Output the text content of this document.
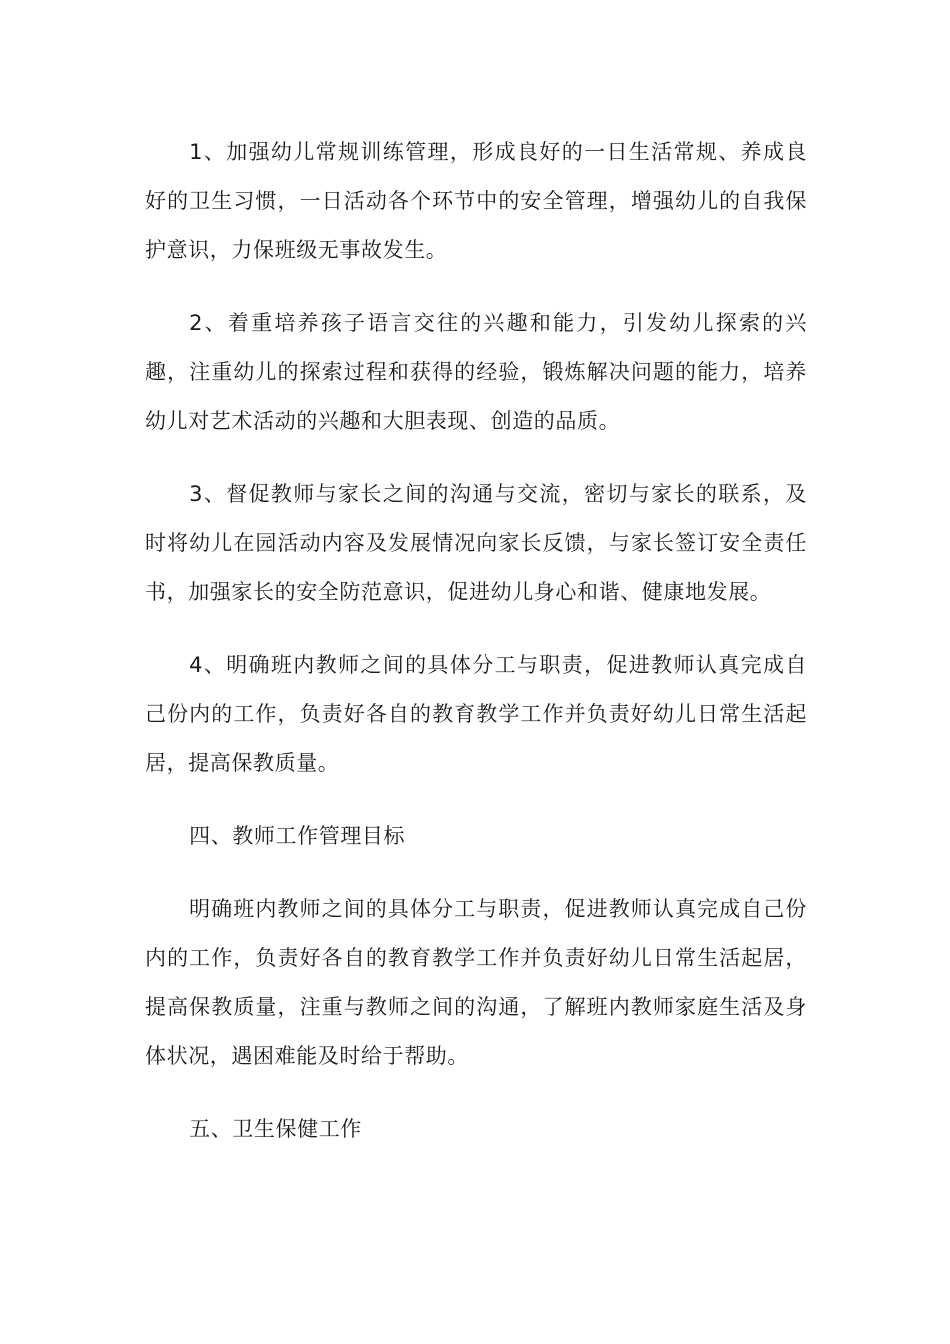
1、加强幼儿常规训练管理，形成良好的一日生活常规、养成良好的卫生习惯，一日活动各个环节中的安全管理，增强幼儿的自我保护意识，力保班级无事故发生。

2、着重培养孩子语言交往的兴趣和能力，引发幼儿探索的兴趣，注重幼儿的探索过程和获得的经验，锻炼解决问题的能力，培养幼儿对艺术活动的兴趣和大胆表现、创造的品质。

3、督促教师与家长之间的沟通与交流，密切与家长的联系，及时将幼儿在园活动内容及发展情况向家长反馈，与家长签订安全责任书，加强家长的安全防范意识，促进幼儿身心和谐、健康地发展。

4、明确班内教师之间的具体分工与职责，促进教师认真完成自己份内的工作，负责好各自的教育教学工作并负责好幼儿日常生活起居，提高保教质量。

四、教师工作管理目标

明确班内教师之间的具体分工与职责，促进教师认真完成自己份内的工作，负责好各自的教育教学工作并负责好幼儿日常生活起居，提高保教质量，注重与教师之间的沟通，了解班内教师家庭生活及身体状况，遇困难能及时给于帮助。

五、卫生保健工作
